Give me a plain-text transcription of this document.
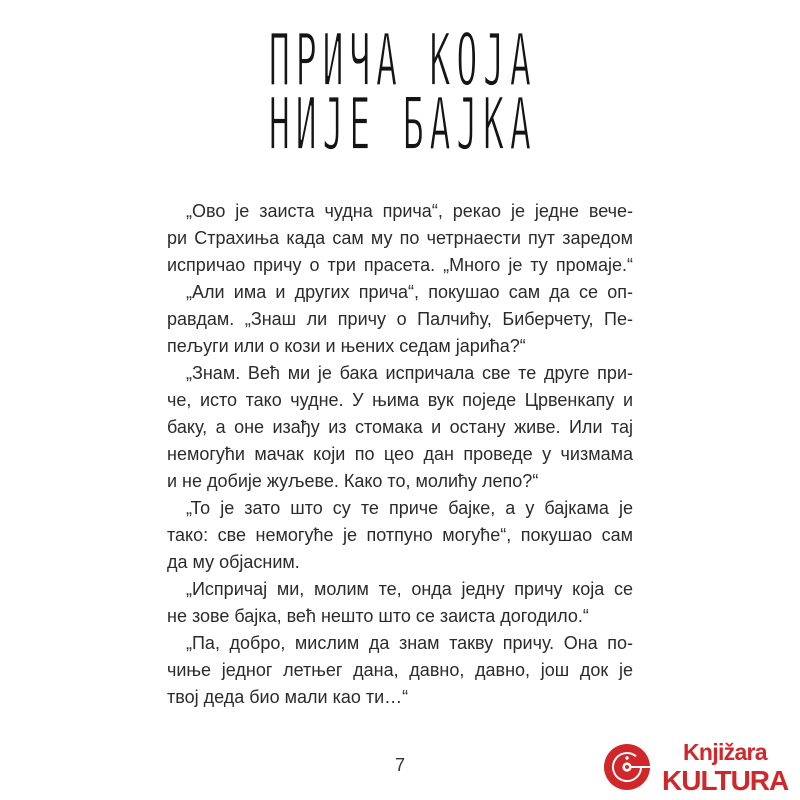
ПРИЧА КОЈА
НИЈЕ БАЈКА
„Ово је заиста чудна прича“, рекао је једне вече-
ри Страхиња када сам му по четрнаести пут заредом
испричао причу о три прасета. „Много је ту промаје.“
„Али има и других прича“, покушао сам да се оп-
равдам. „Знаш ли причу о Палчићу, Биберчету, Пе-
пељуги или о кози и њених седам јарића?“
„Знам. Већ ми је бака испричала све те друге при-
че, исто тако чудне. У њима вук поједе Црвенкапу и
баку, а оне изађу из стомака и остану живе. Или тај
немогући мачак који по цео дан проведе у чизмама
и не добије жуљеве. Како то, молићу лепо?“
„То је зато што су те приче бајке, а у бајкама је
тако: све немогуће је потпуно могуће“, покушао сам
да му објасним.
„Испричај ми, молим те, онда једну причу која се
не зове бајка, већ нешто што се заиста догодило.“
„Па, добро, мислим да знам такву причу. Она по-
чиње једног летњег дана, давно, давно, још док је
твој деда био мали као ти…“
7	Knjižara
KULTURA
